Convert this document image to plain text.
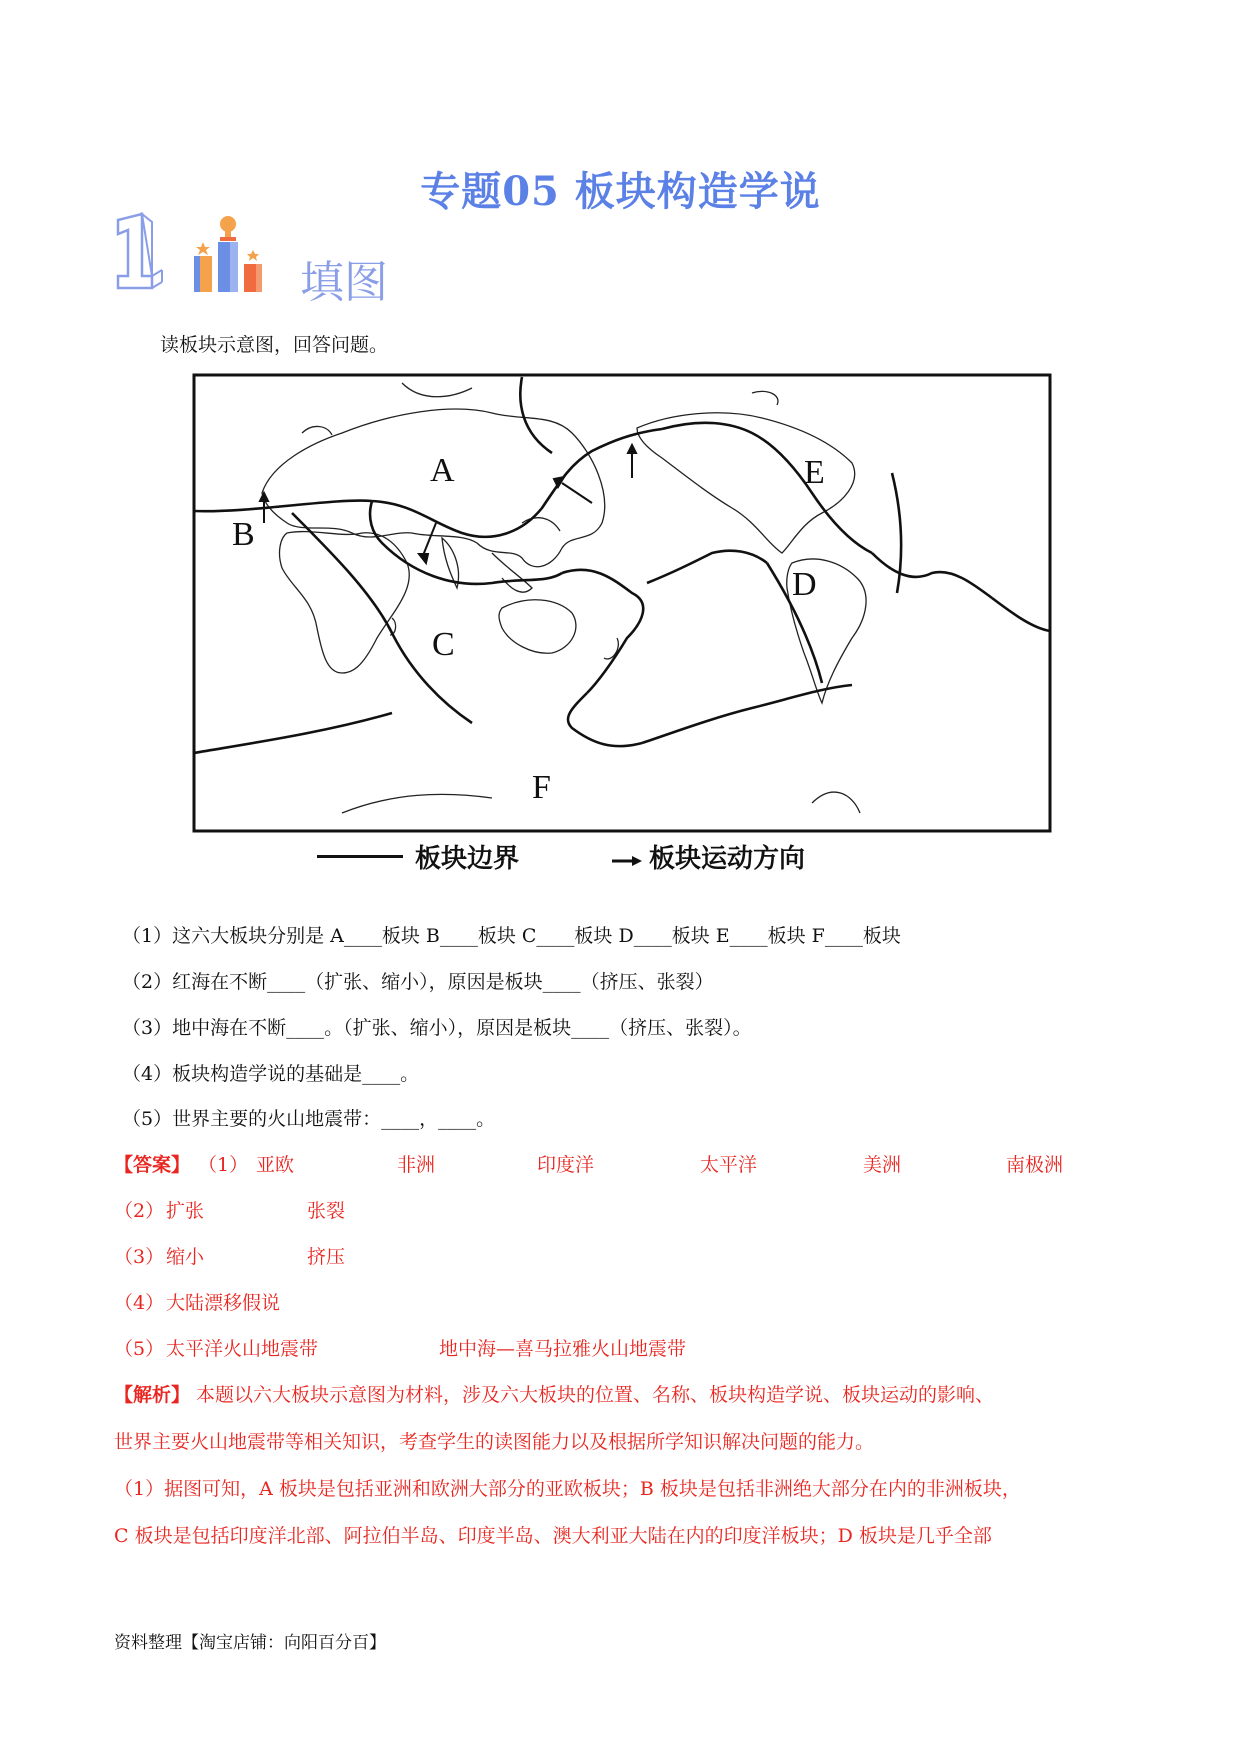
专题05 板块构造学说
填图
读板块示意图，回答问题。
A
B
C
D
E
F
板块边界	板块运动方向
（1）这六大板块分别是 A____板块 B____板块 C____板块 D____板块 E____板块 F____板块
（2）红海在不断____（扩张、缩小），原因是板块____（挤压、张裂）
（3）地中海在不断____。（扩张、缩小），原因是板块____（挤压、张裂）。
（4）板块构造学说的基础是____。
（5）世界主要的火山地震带：____，____。
【答案】 （1） 亚欧	非洲	印度洋	太平洋	美洲	南极洲
（2） 扩张	张裂
（3） 缩小	挤压
（4） 大陆漂移假说
（5） 太平洋火山地震带	地中海—喜马拉雅火山地震带
【解析】 本题以六大板块示意图为材料，涉及六大板块的位置、名称、板块构造学说、板块运动的影响、
世界主要火山地震带等相关知识，考查学生的读图能力以及根据所学知识解决问题的能力。
（1）据图可知，A 板块是包括亚洲和欧洲大部分的亚欧板块；B 板块是包括非洲绝大部分在内的非洲板块，
C 板块是包括印度洋北部、阿拉伯半岛、印度半岛、澳大利亚大陆在内的印度洋板块；D 板块是几乎全部
资料整理【淘宝店铺：向阳百分百】
